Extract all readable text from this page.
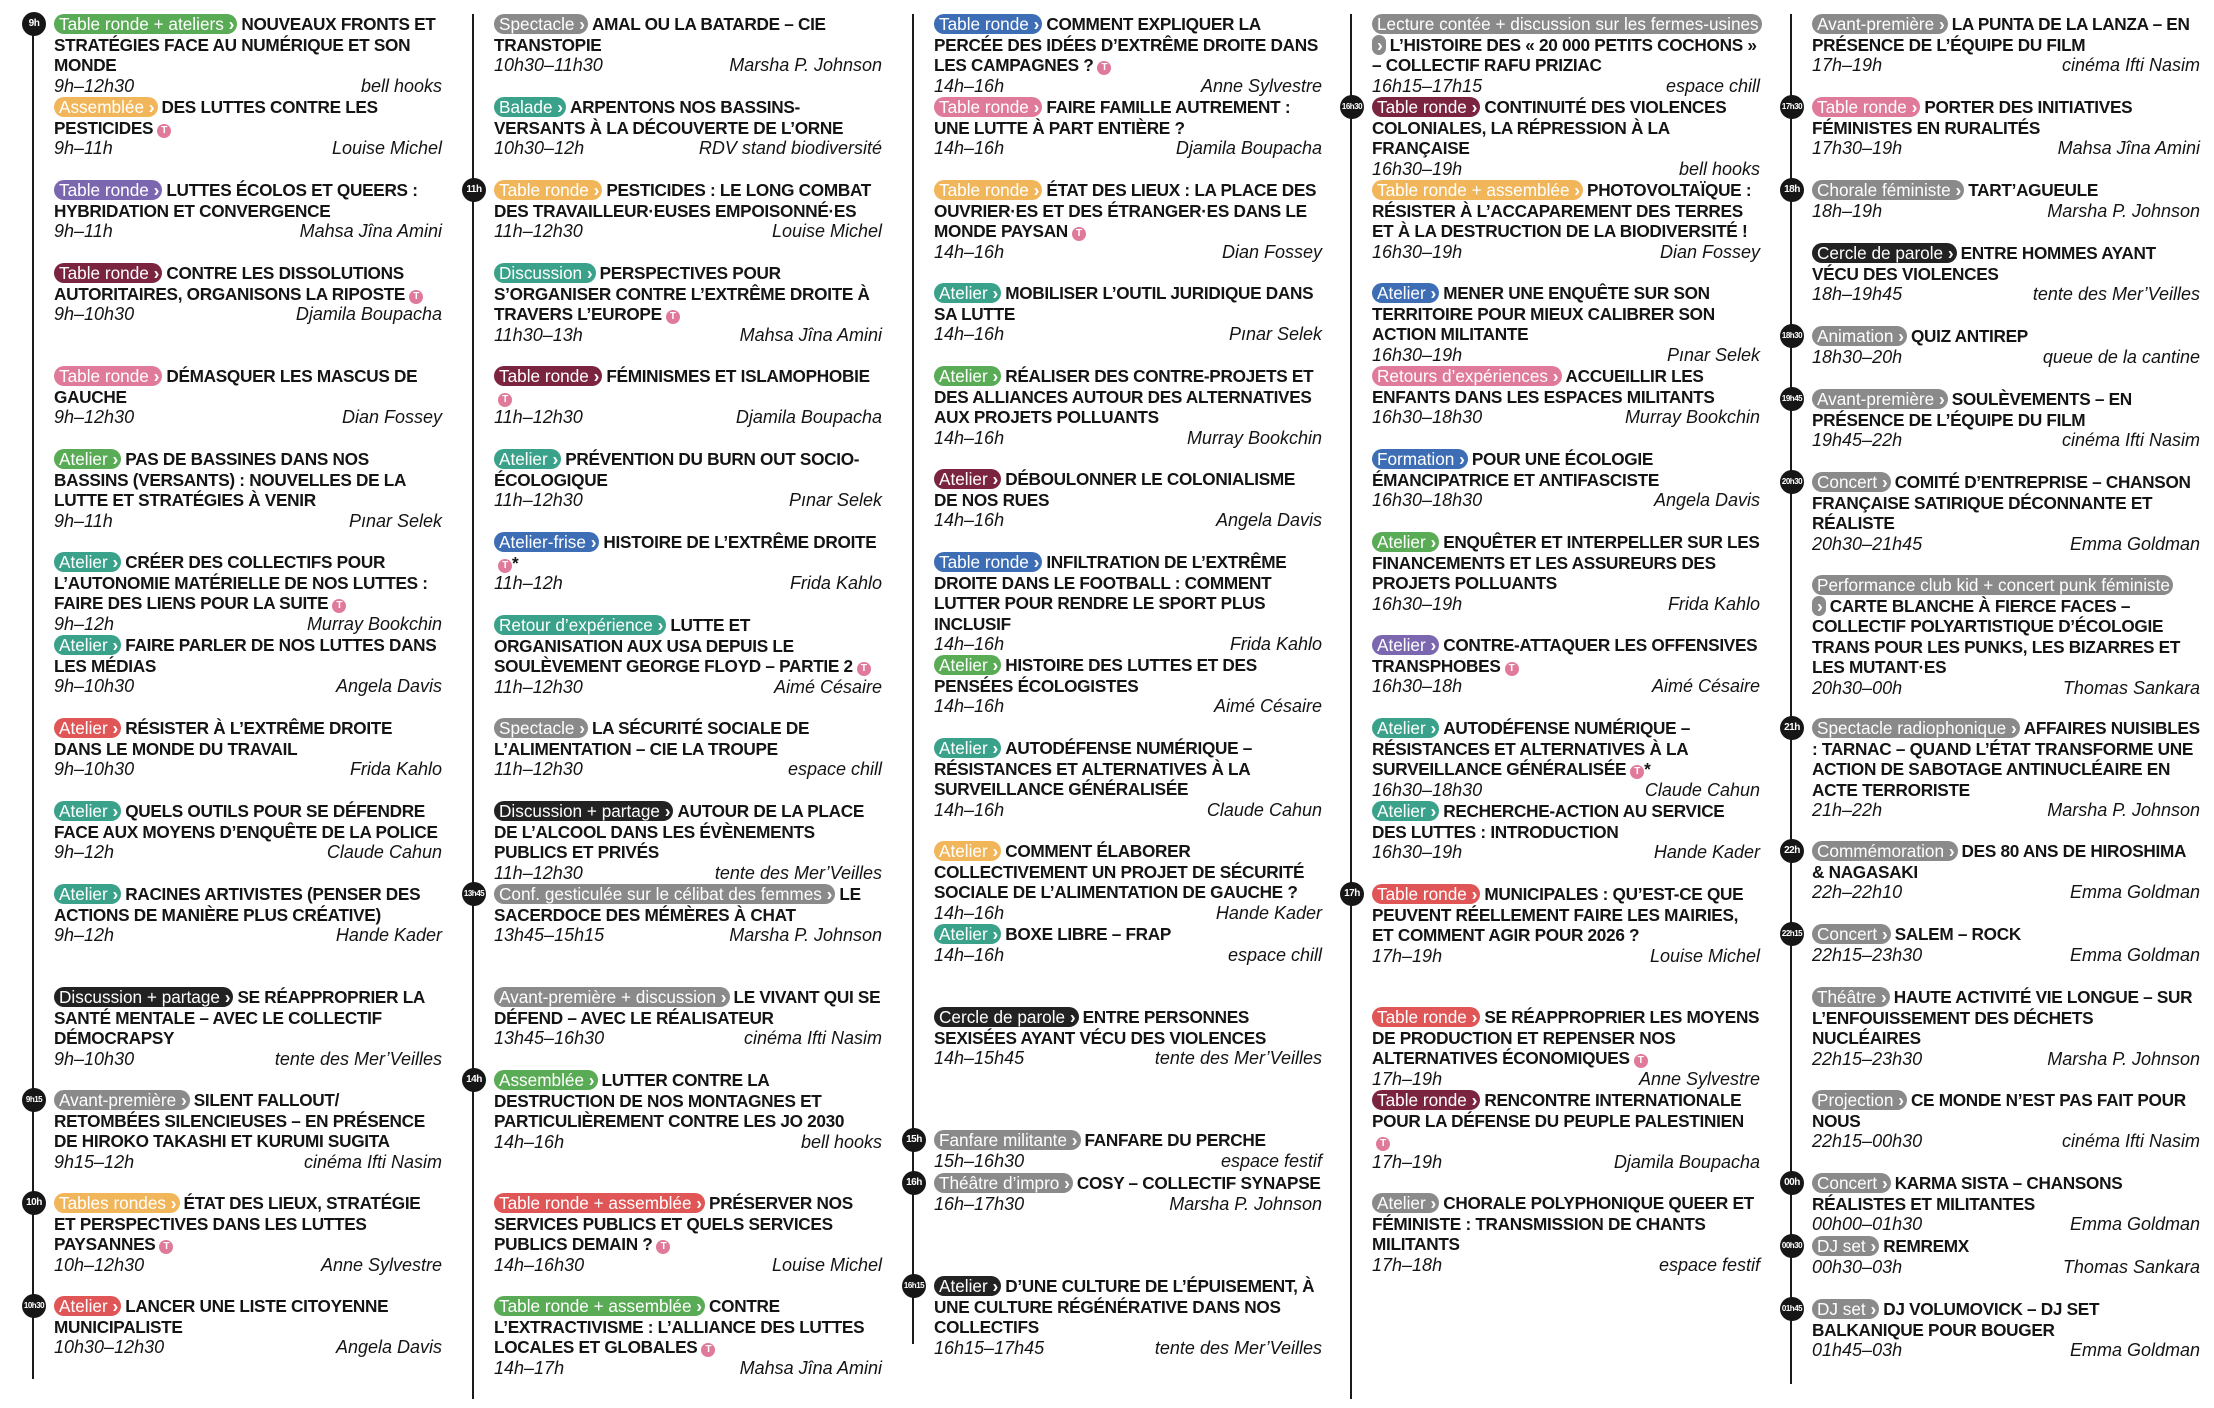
9h Table ronde + ateliers › NOUVEAUX FRONTS ET STRATÉGIES FACE AU NUMÉRIQUE ET SON MONDE
9h–12h30	bell hooks
Assemblée › DES LUTTES CONTRE LES PESTICIDES T
9h–11h	Louise Michel
Table ronde › LUTTES ÉCOLOS ET QUEERS : HYBRIDATION ET CONVERGENCE
9h–11h	Mahsa Jîna Amini
Table ronde › CONTRE LES DISSOLUTIONS AUTORITAIRES, ORGANISONS LA RIPOSTE T
9h–10h30	Djamila Boupacha
Table ronde › DÉMASQUER LES MASCUS DE GAUCHE
9h–12h30	Dian Fossey
Atelier › PAS DE BASSINES DANS NOS BASSINS (VERSANTS) : NOUVELLES DE LA LUTTE ET STRATÉGIES À VENIR
9h–11h	Pınar Selek
Atelier › CRÉER DES COLLECTIFS POUR L’AUTONOMIE MATÉRIELLE DE NOS LUTTES : FAIRE DES LIENS POUR LA SUITE T
9h–12h	Murray Bookchin
Atelier › FAIRE PARLER DE NOS LUTTES DANS LES MÉDIAS
9h–10h30	Angela Davis
Atelier › RÉSISTER À L’EXTRÊME DROITE DANS LE MONDE DU TRAVAIL
9h–10h30	Frida Kahlo
Atelier › QUELS OUTILS POUR SE DÉFENDRE FACE AUX MOYENS D’ENQUÊTE DE LA POLICE
9h–12h	Claude Cahun
Atelier › RACINES ARTIVISTES (PENSER DES ACTIONS DE MANIÈRE PLUS CRÉATIVE)
9h–12h	Hande Kader
Discussion + partage › SE RÉAPPROPRIER LA SANTÉ MENTALE – AVEC LE COLLECTIF DÉMOCRAPSY
9h–10h30	tente des Mer’Veilles
9h15 Avant-première › SILENT FALLOUT/ RETOMBÉES SILENCIEUSES – EN PRÉSENCE DE HIROKO TAKASHI ET KURUMI SUGITA
9h15–12h	cinéma Ifti Nasim
10h Tables rondes › ÉTAT DES LIEUX, STRATÉGIE ET PERSPECTIVES DANS LES LUTTES PAYSANNES T
10h–12h30	Anne Sylvestre
10h30 Atelier › LANCER UNE LISTE CITOYENNE MUNICIPALISTE
10h30–12h30	Angela Davis
Spectacle › AMAL OU LA BATARDE – CIE TRANSTOPIE
10h30–11h30	Marsha P. Johnson
Balade › ARPENTONS NOS BASSINS-VERSANTS À LA DÉCOUVERTE DE L’ORNE
10h30–12h	RDV stand biodiversité
11h Table ronde › PESTICIDES : LE LONG COMBAT DES TRAVAILLEUR·EUSES EMPOISONNÉ·ES
11h–12h30	Louise Michel
Discussion › PERSPECTIVES POUR S’ORGANISER CONTRE L’EXTRÊME DROITE À TRAVERS L’EUROPE T
11h30–13h	Mahsa Jîna Amini
Table ronde › FÉMINISMES ET ISLAMOPHOBIET
11h–12h30	Djamila Boupacha
Atelier › PRÉVENTION DU BURN OUT SOCIO-ÉCOLOGIQUE
11h–12h30	Pınar Selek
Atelier-frise › HISTOIRE DE L’EXTRÊME DROITET *
11h–12h	Frida Kahlo
Retour d’expérience › LUTTE ET ORGANISATION AUX USA DEPUIS LE SOULÈVEMENT GEORGE FLOYD – PARTIE 2 T
11h–12h30	Aimé Césaire
Spectacle › LA SÉCURITÉ SOCIALE DE L’ALIMENTATION – CIE LA TROUPE
11h–12h30	espace chill
Discussion + partage › AUTOUR DE LA PLACE DE L’ALCOOL DANS LES ÉVÈNEMENTS PUBLICS ET PRIVÉS
11h–12h30	tente des Mer’Veilles
13h45 Conf. gesticulée sur le célibat des femmes › LE SACERDOCE DES MÉMÈRES À CHAT
13h45–15h15	Marsha P. Johnson
Avant-première + discussion › LE VIVANT QUI SE DÉFEND – AVEC LE RÉALISATEUR
13h45–16h30	cinéma Ifti Nasim
14h Assemblée › LUTTER CONTRE LA DESTRUCTION DE NOS MONTAGNES ET PARTICULIÈREMENT CONTRE LES JO 2030
14h–16h	bell hooks
Table ronde + assemblée › PRÉSERVER NOS SERVICES PUBLICS ET QUELS SERVICES PUBLICS DEMAIN ? T
14h–16h30	Louise Michel
Table ronde + assemblée › CONTRE L’EXTRACTIVISME : L’ALLIANCE DES LUTTES LOCALES ET GLOBALES T
14h–17h	Mahsa Jîna Amini
Table ronde › COMMENT EXPLIQUER LA PERCÉE DES IDÉES D’EXTRÊME DROITE DANS LES CAMPAGNES ? T
14h–16h	Anne Sylvestre
Table ronde › FAIRE FAMILLE AUTREMENT : UNE LUTTE À PART ENTIÈRE ?
14h–16h	Djamila Boupacha
Table ronde › ÉTAT DES LIEUX : LA PLACE DES OUVRIER·ES ET DES ÉTRANGER·ES DANS LE MONDE PAYSAN T
14h–16h	Dian Fossey
Atelier › MOBILISER L’OUTIL JURIDIQUE DANS SA LUTTE
14h–16h	Pınar Selek
Atelier › RÉALISER DES CONTRE-PROJETS ET DES ALLIANCES AUTOUR DES ALTERNATIVES AUX PROJETS POLLUANTS
14h–16h	Murray Bookchin
Atelier › DÉBOULONNER LE COLONIALISME DE NOS RUES
14h–16h	Angela Davis
Table ronde › INFILTRATION DE L’EXTRÊME DROITE DANS LE FOOTBALL : COMMENT LUTTER POUR RENDRE LE SPORT PLUS INCLUSIF
14h–16h	Frida Kahlo
Atelier › HISTOIRE DES LUTTES ET DES PENSÉES ÉCOLOGISTES
14h–16h	Aimé Césaire
Atelier › AUTODÉFENSE NUMÉRIQUE – RÉSISTANCES ET ALTERNATIVES À LA SURVEILLANCE GÉNÉRALISÉE
14h–16h	Claude Cahun
Atelier › COMMENT ÉLABORER COLLECTIVEMENT UN PROJET DE SÉCURITÉ SOCIALE DE L’ALIMENTATION DE GAUCHE ?
14h–16h	Hande Kader
Atelier › BOXE LIBRE – FRAP
14h–16h	espace chill
Cercle de parole › ENTRE PERSONNES SEXISÉES AYANT VÉCU DES VIOLENCES
14h–15h45	tente des Mer’Veilles
15h Fanfare militante › FANFARE DU PERCHE
15h–16h30	espace festif
16h Théâtre d’impro › COSY – COLLECTIF SYNAPSE
16h–17h30	Marsha P. Johnson
16h15 Atelier › D’UNE CULTURE DE L’ÉPUISEMENT, À UNE CULTURE RÉGÉNÉRATIVE DANS NOS COLLECTIFS
16h15–17h45	tente des Mer’Veilles
Lecture contée + discussion sur les fermes-usines ›L’HISTOIRE DES « 20 000 PETITS COCHONS » – COLLECTIF RAFU PRIZIAC
16h15–17h15	espace chill
16h30 Table ronde › CONTINUITÉ DES VIOLENCES COLONIALES, LA RÉPRESSION À LA FRANÇAISE
16h30–19h	bell hooks
Table ronde + assemblée › PHOTOVOLTAÏQUE : RÉSISTER À L’ACCAPAREMENT DES TERRES ET À LA DESTRUCTION DE LA BIODIVERSITÉ !
16h30–19h	Dian Fossey
Atelier › MENER UNE ENQUÊTE SUR SON TERRITOIRE POUR MIEUX CALIBRER SON ACTION MILITANTE
16h30–19h	Pınar Selek
Retours d’expériences › ACCUEILLIR LES ENFANTS DANS LES ESPACES MILITANTS
16h30–18h30	Murray Bookchin
Formation › POUR UNE ÉCOLOGIE ÉMANCIPATRICE ET ANTIFASCISTE
16h30–18h30	Angela Davis
Atelier › ENQUÊTER ET INTERPELLER SUR LES FINANCEMENTS ET LES ASSUREURS DES PROJETS POLLUANTS
16h30–19h	Frida Kahlo
Atelier › CONTRE-ATTAQUER LES OFFENSIVES TRANSPHOBES T
16h30–18h	Aimé Césaire
Atelier › AUTODÉFENSE NUMÉRIQUE – RÉSISTANCES ET ALTERNATIVES À LA SURVEILLANCE GÉNÉRALISÉE T *
16h30–18h30	Claude Cahun
Atelier › RECHERCHE-ACTION AU SERVICE DES LUTTES : INTRODUCTION
16h30–19h	Hande Kader
17h Table ronde › MUNICIPALES : QU’EST-CE QUE PEUVENT RÉELLEMENT FAIRE LES MAIRIES, ET COMMENT AGIR POUR 2026 ?
17h–19h	Louise Michel
Table ronde › SE RÉAPPROPRIER LES MOYENS DE PRODUCTION ET REPENSER NOS ALTERNATIVES ÉCONOMIQUES T
17h–19h	Anne Sylvestre
Table ronde › RENCONTRE INTERNATIONALE POUR LA DÉFENSE DU PEUPLE PALESTINIENT
17h–19h	Djamila Boupacha
Atelier › CHORALE POLYPHONIQUE QUEER ET FÉMINISTE : TRANSMISSION DE CHANTS MILITANTS
17h–18h	espace festif
Avant-première › LA PUNTA DE LA LANZA – EN PRÉSENCE DE L’ÉQUIPE DU FILM
17h–19h	cinéma Ifti Nasim
17h30 Table ronde › PORTER DES INITIATIVES FÉMINISTES EN RURALITÉS
17h30–19h	Mahsa Jîna Amini
18h Chorale féministe › TART’AGUEULE
18h–19h	Marsha P. Johnson
Cercle de parole › ENTRE HOMMES AYANT VÉCU DES VIOLENCES
18h–19h45	tente des Mer’Veilles
18h30 Animation › QUIZ ANTIREP
18h30–20h	queue de la cantine
19h45 Avant-première › SOULÈVEMENTS – EN PRÉSENCE DE L’ÉQUIPE DU FILM
19h45–22h	cinéma Ifti Nasim
20h30 Concert › COMITÉ D’ENTREPRISE – CHANSON FRANÇAISE SATIRIQUE DÉCONNANTE ET RÉALISTE
20h30–21h45	Emma Goldman
Performance club kid + concert punk féministe ›CARTE BLANCHE À FIERCE FACES – COLLECTIF POLYARTISTIQUE D’ÉCOLOGIE TRANS POUR LES PUNKS, LES BIZARRES ET LES MUTANT·ES
20h30–00h	Thomas Sankara
21h Spectacle radiophonique › AFFAIRES NUISIBLES : TARNAC – QUAND L’ÉTAT TRANSFORME UNE ACTION DE SABOTAGE ANTINUCLÉAIRE EN ACTE TERRORISTE
21h–22h	Marsha P. Johnson
22h Commémoration › DES 80 ANS DE HIROSHIMA & NAGASAKI
22h–22h10	Emma Goldman
22h15 Concert › SALEM – ROCK
22h15–23h30	Emma Goldman
Théâtre › HAUTE ACTIVITÉ VIE LONGUE – SUR L’ENFOUISSEMENT DES DÉCHETS NUCLÉAIRES
22h15–23h30	Marsha P. Johnson
Projection › CE MONDE N’EST PAS FAIT POUR NOUS
22h15–00h30	cinéma Ifti Nasim
00h Concert › KARMA SISTA – CHANSONS RÉALISTES ET MILITANTES
00h00–01h30	Emma Goldman
00h30 DJ set › REMREMX
00h30–03h	Thomas Sankara
01h45 DJ set › DJ VOLUMOVICK – DJ SET BALKANIQUE POUR BOUGER
01h45–03h	Emma Goldman
